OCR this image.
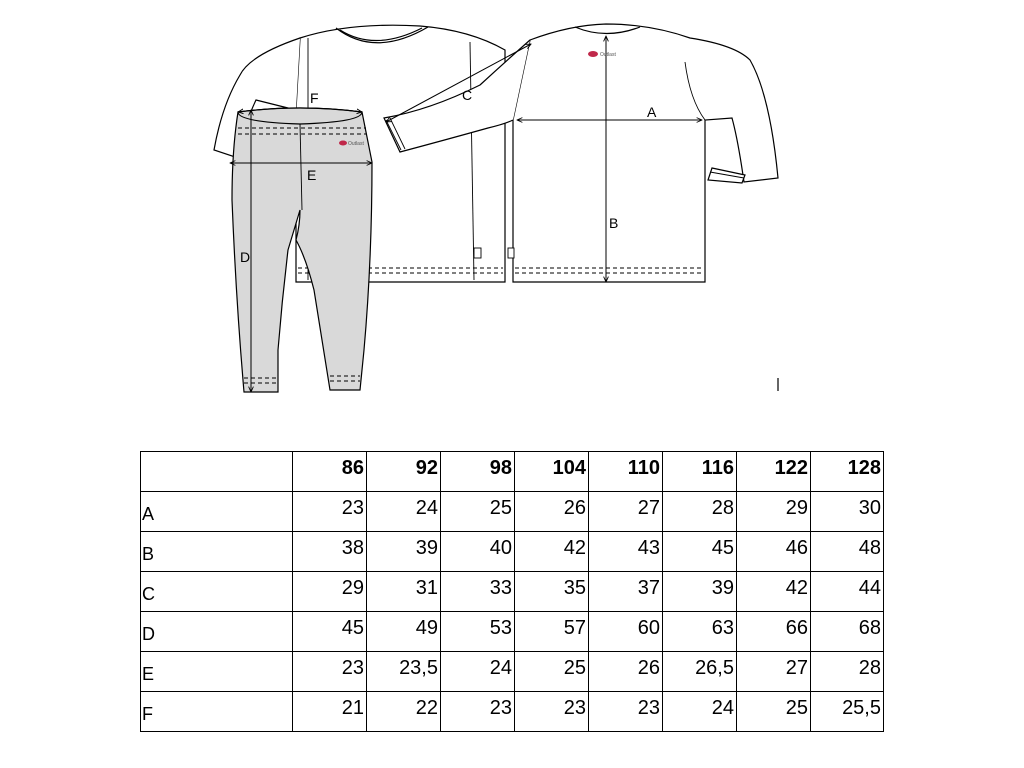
Outlast
Outlast
A
B
C
D
E
F
	86	92	98	104	110	116	122	128
A	23	24	25	26	27	28	29	30
B	38	39	40	42	43	45	46	48
C	29	31	33	35	37	39	42	44
D	45	49	53	57	60	63	66	68
E	23	23,5	24	25	26	26,5	27	28
F	21	22	23	23	23	24	25	25,5
